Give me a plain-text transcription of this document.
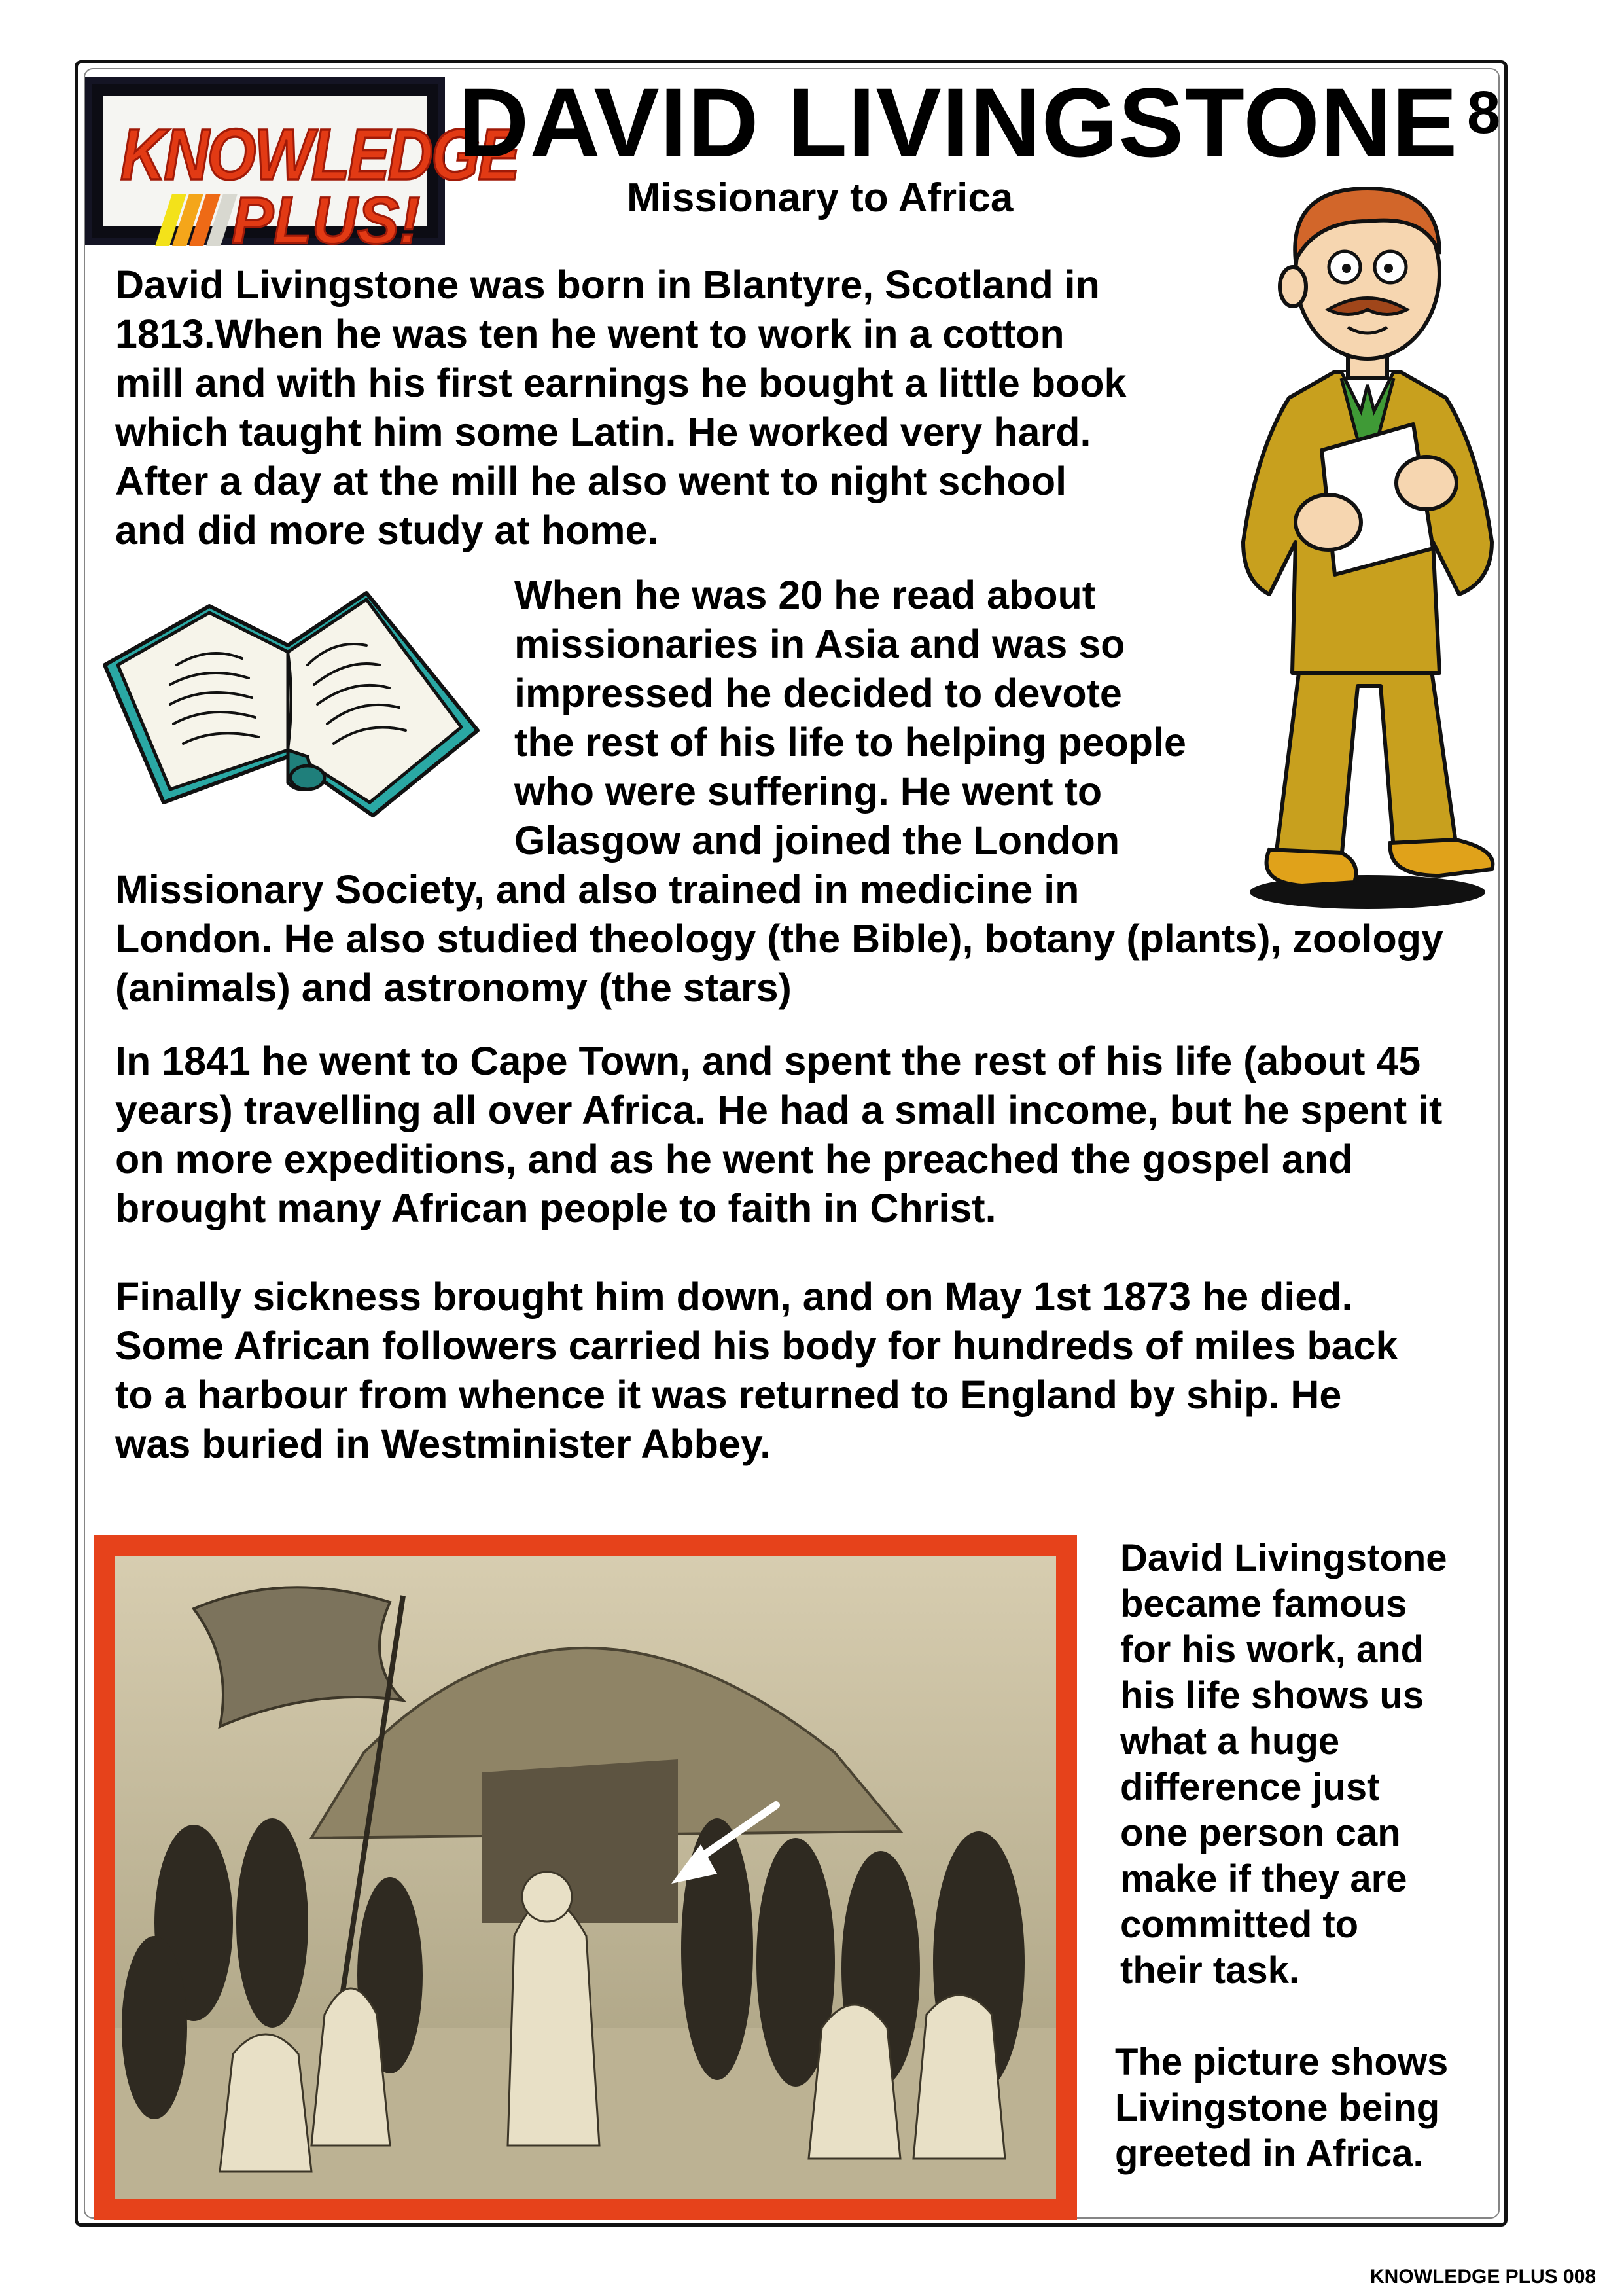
KNOWLEDGE
PLUS!
DAVID LIVINGSTONE 8
Missionary to Africa
David Livingstone was born in Blantyre, Scotland in
1813.When he was ten he went to work in a cotton
mill and with his first earnings he bought a little book
which taught him some Latin. He worked very hard.
After a day at the mill he also went to night school
and did more study at home.
When he was 20 he read about
missionaries in Asia and was so
impressed he decided to devote
the rest of his life to helping people
who were suffering. He went to
Glasgow and joined the London
Missionary Society, and also trained in medicine in
London. He also studied theology (the Bible), botany (plants), zoology
(animals) and astronomy (the stars)
In 1841 he went to Cape Town, and spent the rest of his life (about 45
years) travelling all over Africa. He had a small income, but he spent it
on more expeditions, and as he went he preached the gospel and
brought many African people to faith in Christ.
Finally sickness brought him down, and on May 1st 1873 he died.
Some African followers carried his body for hundreds of miles back
to a harbour from whence it was returned to England by ship. He
was buried in Westminister Abbey.
David Livingstone
became famous
for his work, and
his life shows us
what a huge
difference just
one person can
make if they are
committed to
their task.
The picture shows
Livingstone being
greeted in Africa.
KNOWLEDGE PLUS 008
